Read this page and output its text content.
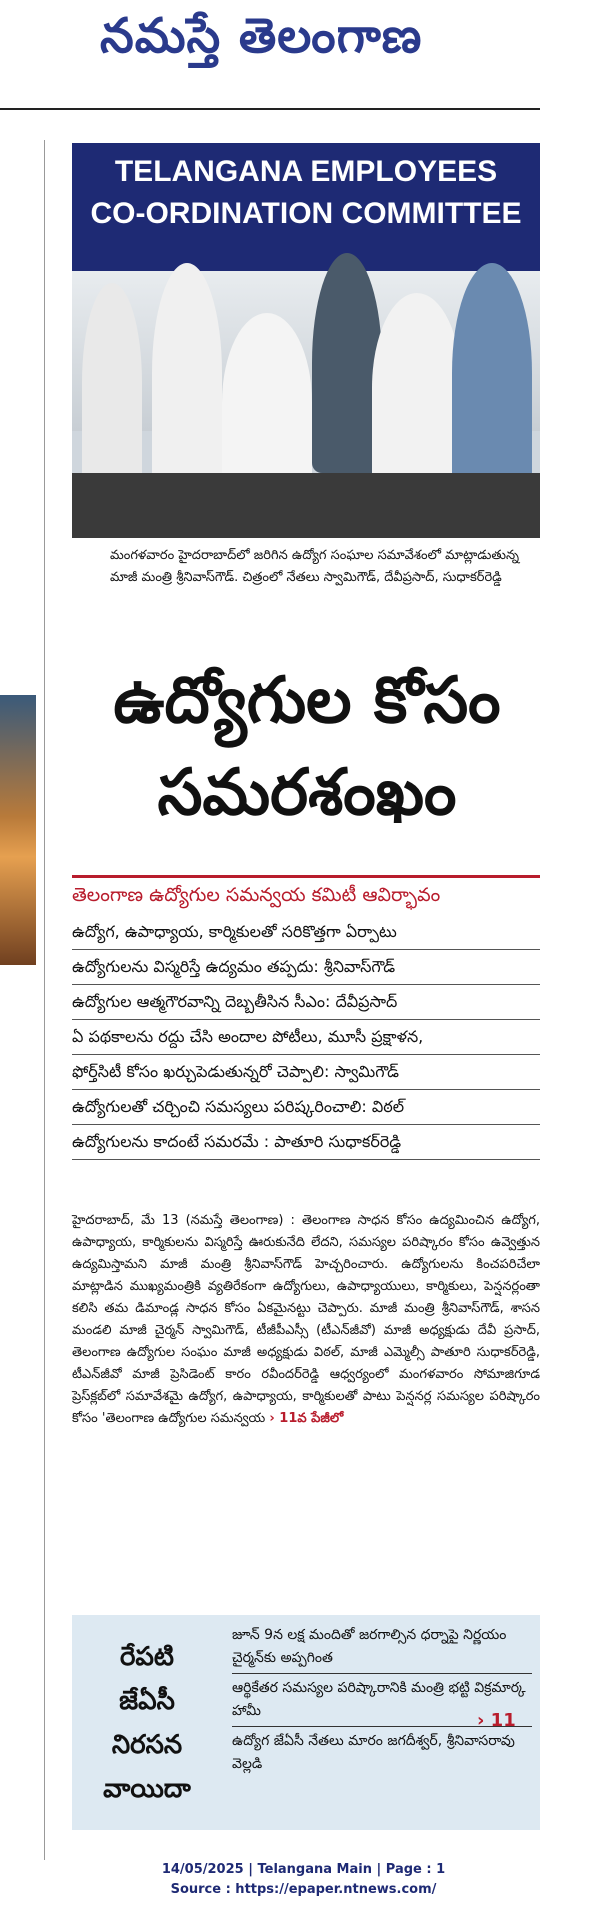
నమస్తే తెలంగాణ
TELANGANA EMPLOYEES
CO-ORDINATION COMMITTEE
మంగళవారం హైదరాబాద్‌లో జరిగిన ఉద్యోగ సంఘాల సమావేశంలో మాట్లాడుతున్న మాజీ మంత్రి శ్రీనివాస్‌గౌడ్. చిత్రంలో నేతలు స్వామిగౌడ్, దేవీప్రసాద్, సుధాకర్‌రెడ్డి
ఉద్యోగుల కోసం
సమరశంఖం
తెలంగాణ ఉద్యోగుల సమన్వయ కమిటీ ఆవిర్భావం
ఉద్యోగ, ఉపాధ్యాయ, కార్మికులతో సరికొత్తగా ఏర్పాటు
ఉద్యోగులను విస్మరిస్తే ఉద్యమం తప్పదు: శ్రీనివాస్‌గౌడ్
ఉద్యోగుల ఆత్మగౌరవాన్ని దెబ్బతీసిన సీఎం: దేవీప్రసాద్
ఏ పథకాలను రద్దు చేసి అందాల పోటీలు, మూసీ ప్రక్షాళన,
ఫోర్త్‌సిటీ కోసం ఖర్చుపెడుతున్నరో చెప్పాలి: స్వామిగౌడ్
ఉద్యోగులతో చర్చించి సమస్యలు పరిష్కరించాలి: విఠల్
ఉద్యోగులను కాదంటే సమరమే : పాతూరి సుధాకర్‌రెడ్డి
హైదరాబాద్, మే 13 (నమస్తే తెలంగాణ) : తెలంగాణ సాధన కోసం ఉద్యమించిన ఉద్యోగ, ఉపాధ్యాయ, కార్మికులను విస్మరిస్తే ఊరుకునేది లేదని, సమస్యల పరిష్కారం కోసం ఉవ్వెత్తున ఉద్యమిస్తామని మాజీ మంత్రి శ్రీనివాస్‌గౌడ్ హెచ్చరించారు. ఉద్యోగులను కించపరిచేలా మాట్లాడిన ముఖ్యమంత్రికి వ్యతిరేకంగా ఉద్యోగులు, ఉపాధ్యాయులు, కార్మికులు, పెన్షనర్లంతా కలిసి తమ డిమాండ్ల సాధన కోసం ఏకమైనట్టు చెప్పారు. మాజీ మంత్రి శ్రీనివాస్‌గౌడ్, శాసన మండలి మాజీ చైర్మన్ స్వామిగౌడ్, టీజీపీఎస్సీ (టీఎన్‌జీవో) మాజీ అధ్యక్షుడు దేవీ ప్రసాద్, తెలంగాణ ఉద్యోగుల సంఘం మాజీ అధ్యక్షుడు విఠల్, మాజీ ఎమ్మెల్సీ పాతూరి సుధాకర్‌రెడ్డి, టీఎన్‌జీవో మాజీ ప్రెసిడెంట్ కారం రవీందర్‌రెడ్డి ఆధ్వర్యంలో మంగళవారం సోమాజిగూడ ప్రెస్‌క్లబ్‌లో సమావేశమై ఉద్యోగ, ఉపాధ్యాయ, కార్మికులతో పాటు పెన్షనర్ల సమస్యల పరిష్కారం కోసం 'తెలంగాణ ఉద్యోగుల సమన్వయ › 11వ పేజీలో
రేపటి
జేఏసీ
నిరసన
వాయిదా
జూన్ 9న లక్ష మందితో జరగాల్సిన ధర్నాపై నిర్ణయం చైర్మన్‌కు అప్పగింత
ఆర్థికేతర సమస్యల పరిష్కారానికి మంత్రి భట్టి విక్రమార్క హామీ
ఉద్యోగ జేఏసీ నేతలు మారం జగదీశ్వర్, శ్రీనివాసరావు వెల్లడి
› 11
14/05/2025 | Telangana Main | Page : 1
Source : https://epaper.ntnews.com/
